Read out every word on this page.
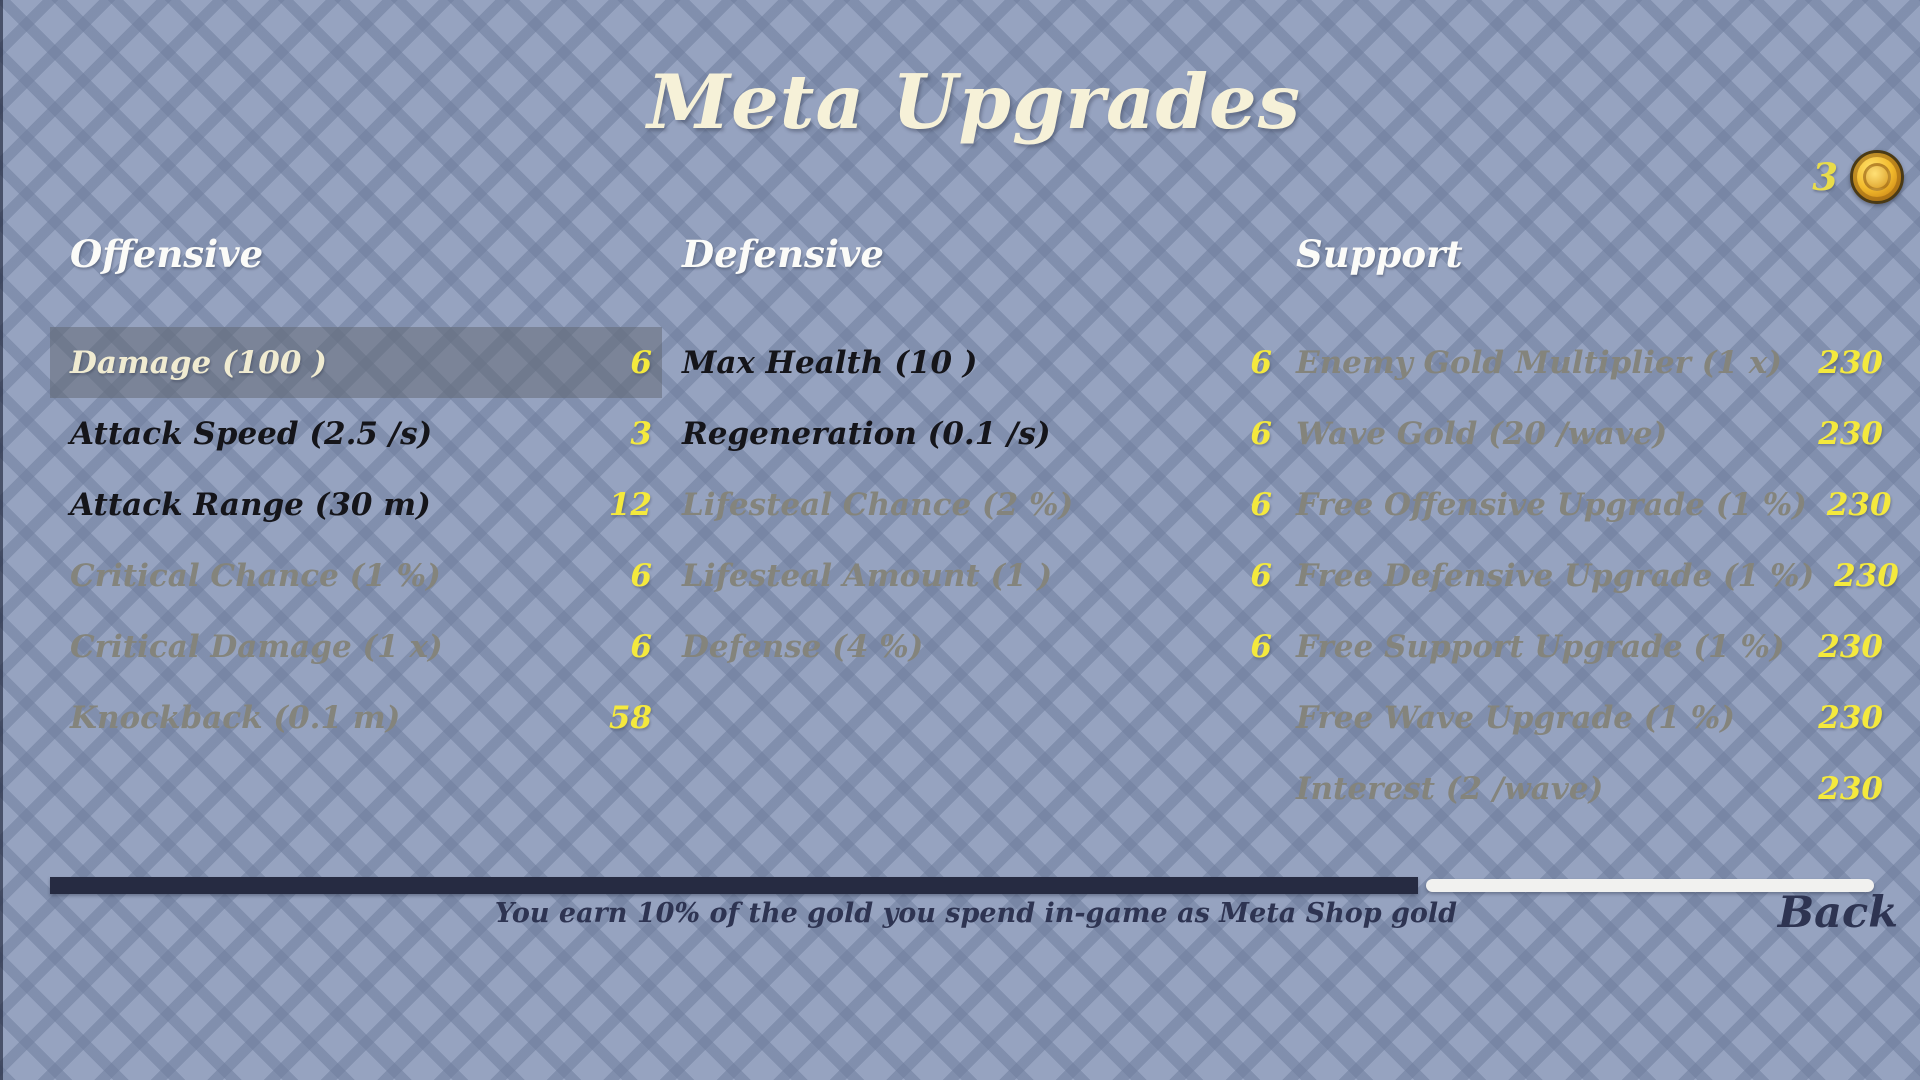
Meta Upgrades
3
Offensive
Damage (100 )	6
Attack Speed (2.5 /s)	3
Attack Range (30 m)	12
Critical Chance (1 %)	6
Critical Damage (1 x)	6
Knockback (0.1 m)	58
Defensive
Max Health (10 )	6
Regeneration (0.1 /s)	6
Lifesteal Chance (2 %)	6
Lifesteal Amount (1 )	6
Defense (4 %)	6
Support
Enemy Gold Multiplier (1 x)	230
Wave Gold (20 /wave)	230
Free Offensive Upgrade (1 %) 230
Free Defensive Upgrade (1 %) 230
Free Support Upgrade (1 %)	230
Free Wave Upgrade (1 %)	230
Interest (2 /wave)	230
You earn 10% of the gold you spend in-game as Meta Shop gold	Back
